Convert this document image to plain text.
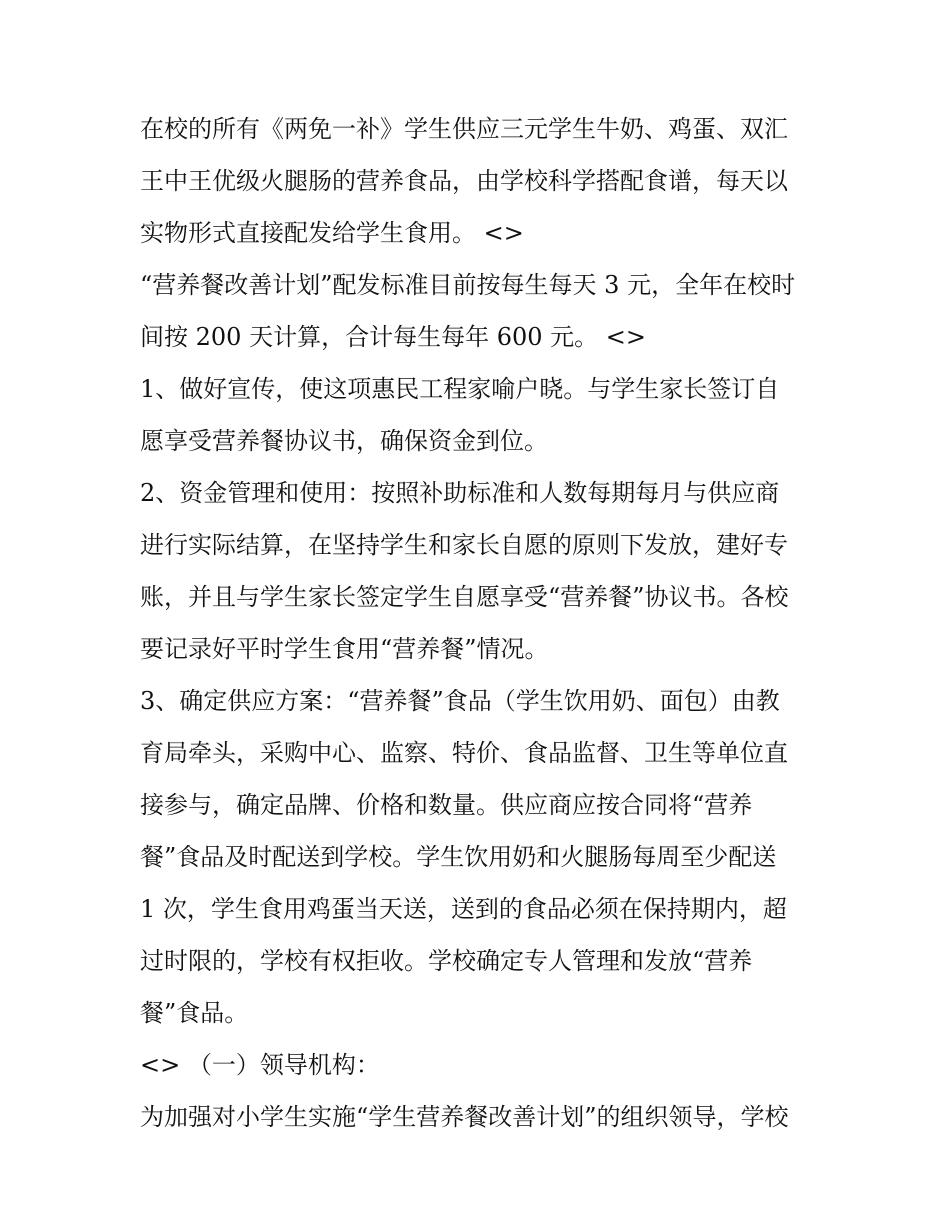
在校的所有《两免一补》学生供应三元学生牛奶、鸡蛋、双汇
王中王优级火腿肠的营养食品，由学校科学搭配食谱，每天以
实物形式直接配发给学生食用。 <>
“营养餐改善计划”配发标准目前按每生每天 3 元，全年在校时
间按 200 天计算，合计每生每年 600 元。 <>
1、做好宣传，使这项惠民工程家喻户晓。与学生家长签订自
愿享受营养餐协议书，确保资金到位。
2、资金管理和使用：按照补助标准和人数每期每月与供应商
进行实际结算，在坚持学生和家长自愿的原则下发放，建好专
账，并且与学生家长签定学生自愿享受“营养餐”协议书。各校
要记录好平时学生食用“营养餐”情况。
3、确定供应方案：“营养餐”食品（学生饮用奶、面包）由教
育局牵头，采购中心、监察、特价、食品监督、卫生等单位直
接参与，确定品牌、价格和数量。供应商应按合同将“营养
餐”食品及时配送到学校。学生饮用奶和火腿肠每周至少配送
1 次，学生食用鸡蛋当天送，送到的食品必须在保持期内，超
过时限的，学校有权拒收。学校确定专人管理和发放“营养
餐”食品。
<> （一）领导机构：
为加强对小学生实施“学生营养餐改善计划”的组织领导，学校
